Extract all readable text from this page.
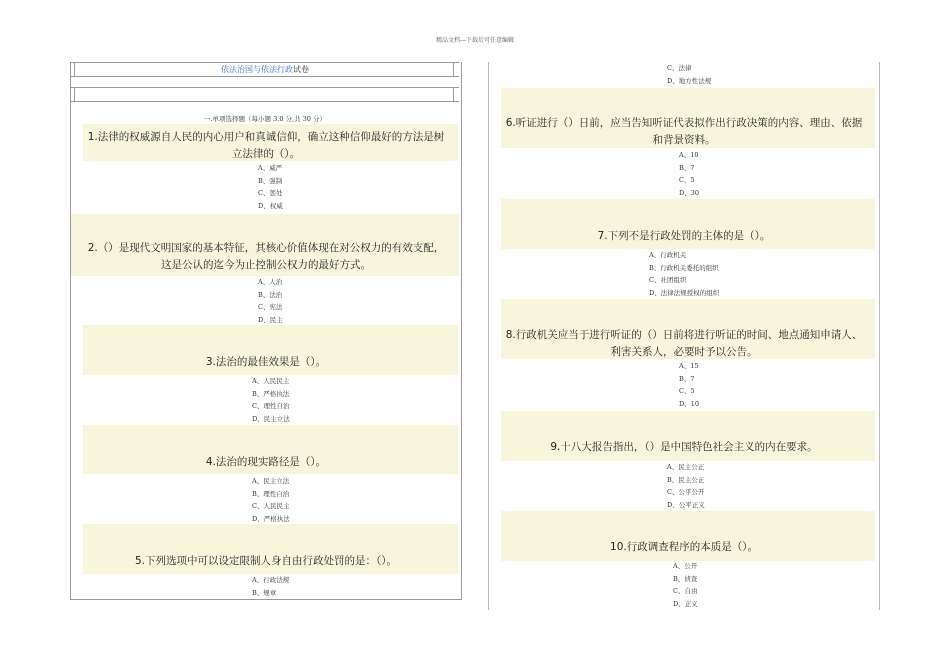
精品文档---下载后可任意编辑
依法治国与依法行政试卷
一.单项选择题（每小题 3.0 分,共 30 分）
1.法律的权威源自人民的内心用户和真诚信仰，确立这种信仰最好的方法是树
立法律的（）。
A、威严
B、强制
C、惩处
D、权威
2.（）是现代文明国家的基本特征，其核心价值体现在对公权力的有效支配，
这是公认的迄今为止控制公权力的最好方式。
A、人治
B、法治
C、宪法
D、民主
3.法治的最佳效果是（）。
A、人民民主
B、严格执法
C、理性自治
D、民主立法
4.法治的现实路径是（）。
A、民主立法
B、理性自治
C、人民民主
D、严格执法
5.下列选项中可以设定限制人身自由行政处罚的是：（）。
A、行政法规
B、规章
C、法律
D、地方性法规
6.听证进行（）日前，应当告知听证代表拟作出行政决策的内容、理由、依据
和背景资料。
A、10
B、7
C、5
D、30
7.下列不是行政处罚的主体的是（）。
A、行政机关
B、行政机关委托的组织
C、社团组织
D、法律法规授权的组织
8.行政机关应当于进行听证的（）日前将进行听证的时间、地点通知申请人、
利害关系人，必要时予以公告。
A、15
B、7
C、5
D、10
9.十八大报告指出，（）是中国特色社会主义的内在要求。
A、民主公正
B、民主公正
C、公平公开
D、公平正义
10.行政调查程序的本质是（）。
A、公开
B、侦查
C、自由
D、正义
